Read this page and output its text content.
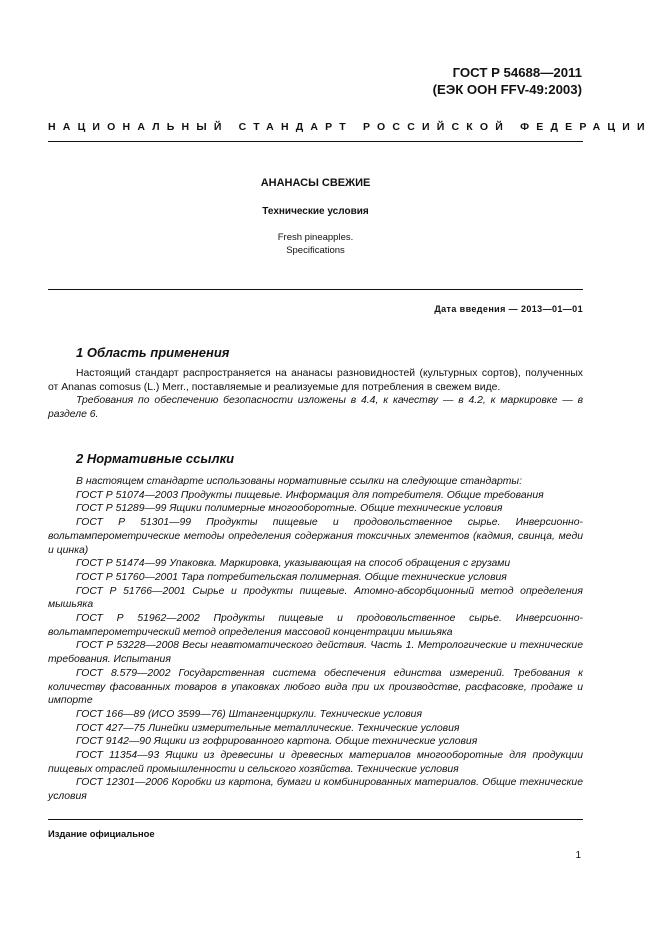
ГОСТ Р 54688—2011
(ЕЭК ООН FFV-49:2003)
НАЦИОНАЛЬНЫЙ СТАНДАРТ РОССИЙСКОЙ ФЕДЕРАЦИИ
АНАНАСЫ СВЕЖИЕ
Технические условия
Fresh pineapples.
Specifications
Дата введения — 2013—01—01
1 Область применения

Настоящий стандарт распространяется на ананасы разновидностей (культурных сортов), полученных от Ananas comosus (L.) Merr., поставляемые и реализуемые для потребления в свежем виде.

Требования по обеспечению безопасности изложены в 4.4, к качеству — в 4.2, к маркировке — в разделе 6.

2 Нормативные ссылки

В настоящем стандарте использованы нормативные ссылки на следующие стандарты:

ГОСТ Р 51074—2003 Продукты пищевые. Информация для потребителя. Общие требования

ГОСТ Р 51289—99 Ящики полимерные многооборотные. Общие технические условия

ГОСТ Р 51301—99 Продукты пищевые и продовольственное сырье. Инверсионно-вольтамперометрические методы определения содержания токсичных элементов (кадмия, свинца, меди и цинка)

ГОСТ Р 51474—99 Упаковка. Маркировка, указывающая на способ обращения с грузами

ГОСТ Р 51760—2001 Тара потребительская полимерная. Общие технические условия

ГОСТ Р 51766—2001 Сырье и продукты пищевые. Атомно-абсорбционный метод определения мышьяка

ГОСТ Р 51962—2002 Продукты пищевые и продовольственное сырье. Инверсионно-вольтамперометрический метод определения массовой концентрации мышьяка

ГОСТ Р 53228—2008 Весы неавтоматического действия. Часть 1. Метрологические и технические требования. Испытания

ГОСТ 8.579—2002 Государственная система обеспечения единства измерений. Требования к количеству фасованных товаров в упаковках любого вида при их производстве, расфасовке, продаже и импорте

ГОСТ 166—89 (ИСО 3599—76) Штангенциркули. Технические условия

ГОСТ 427—75 Линейки измерительные металлические. Технические условия

ГОСТ 9142—90 Ящики из гофрированного картона. Общие технические условия

ГОСТ 11354—93 Ящики из древесины и древесных материалов многооборотные для продукции пищевых отраслей промышленности и сельского хозяйства. Технические условия

ГОСТ 12301—2006 Коробки из картона, бумаги и комбинированных материалов. Общие технические условия

Издание официальное
1
